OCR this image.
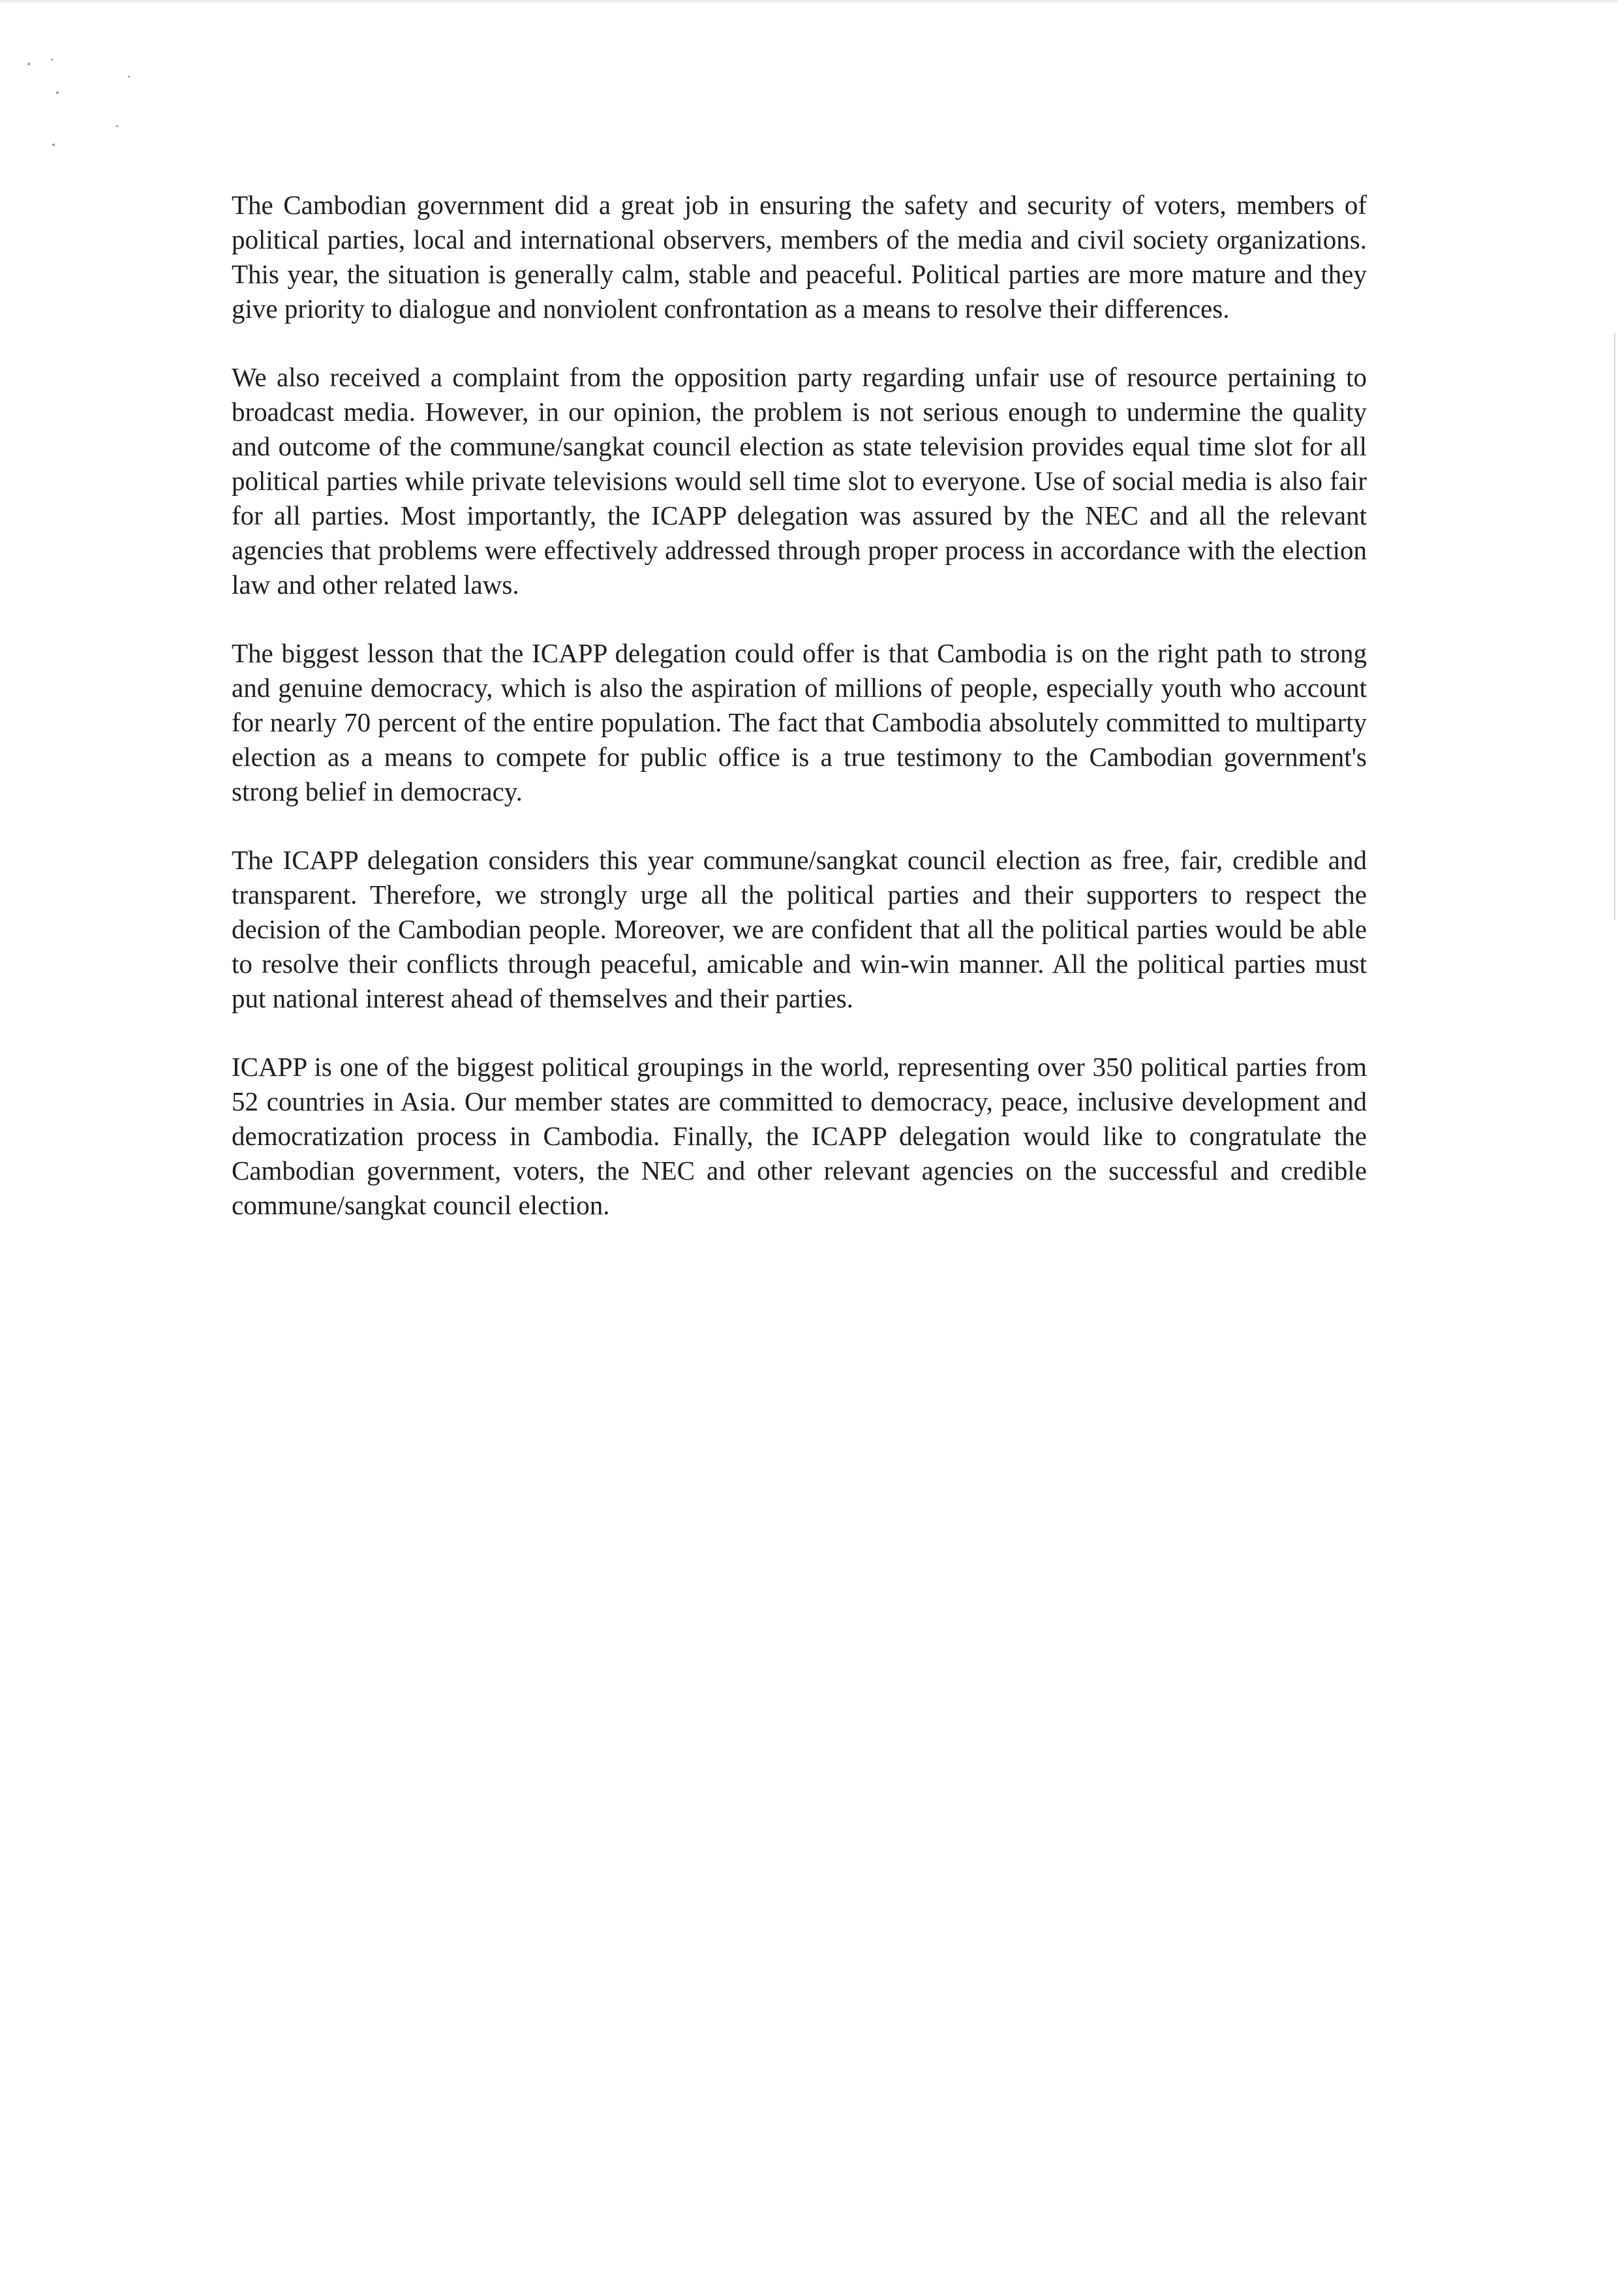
The Cambodian government did a great job in ensuring the safety and security of voters, members of political parties, local and international observers, members of the media and civil society organizations. This year, the situation is generally calm, stable and peaceful. Political parties are more mature and they give priority to dialogue and nonviolent confrontation as a means to resolve their differences.

We also received a complaint from the opposition party regarding unfair use of resource pertaining to broadcast media. However, in our opinion, the problem is not serious enough to undermine the quality and outcome of the commune/sangkat council election as state television provides equal time slot for all political parties while private televisions would sell time slot to everyone. Use of social media is also fair for all parties. Most importantly, the ICAPP delegation was assured by the NEC and all the relevant agencies that problems were effectively addressed through proper process in accordance with the election law and other related laws.

The biggest lesson that the ICAPP delegation could offer is that Cambodia is on the right path to strong and genuine democracy, which is also the aspiration of millions of people, especially youth who account for nearly 70 percent of the entire population. The fact that Cambodia absolutely committed to multiparty election as a means to compete for public office is a true testimony to the Cambodian government's strong belief in democracy.

The ICAPP delegation considers this year commune/sangkat council election as free, fair, credible and transparent. Therefore, we strongly urge all the political parties and their supporters to respect the decision of the Cambodian people. Moreover, we are confident that all the political parties would be able to resolve their conflicts through peaceful, amicable and win-win manner. All the political parties must put national interest ahead of themselves and their parties.

ICAPP is one of the biggest political groupings in the world, representing over 350 political parties from 52 countries in Asia. Our member states are committed to democracy, peace, inclusive development and democratization process in Cambodia. Finally, the ICAPP delegation would like to congratulate the Cambodian government, voters, the NEC and other relevant agencies on the successful and credible commune/sangkat council election.
